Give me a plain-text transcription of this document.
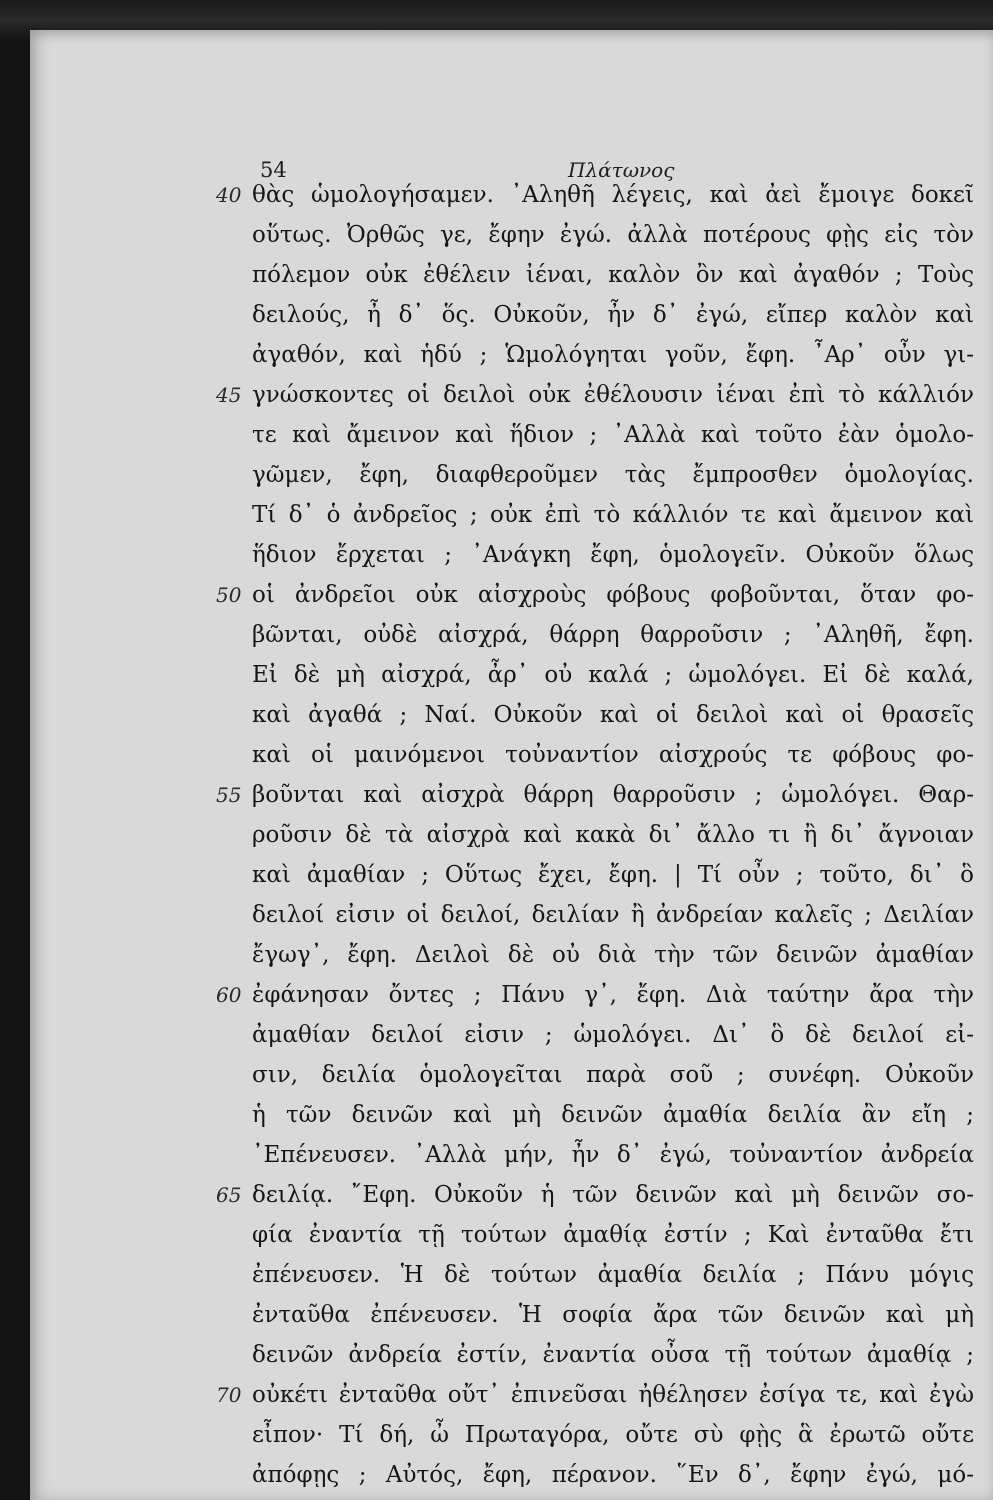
54	Πλάτωνος
40
45
50
55
60
65
70
θὰς ὡμολογήσαμεν. ᾿Αληθῆ λέγεις, καὶ ἀεὶ ἔμοιγε δοκεῖ
οὕτως. Ὀρθῶς γε, ἔφην ἐγώ. ἀλλὰ ποτέρους φῂς εἰς τὸν
πόλεμον οὐκ ἐθέλειν ἰέναι, καλὸν ὂν καὶ ἀγαθόν ; Τοὺς
δειλούς, ἦ δ᾿ ὅς. Οὐκοῦν, ἦν δ᾿ ἐγώ, εἴπερ καλὸν καὶ
ἀγαθόν, καὶ ἡδύ ; Ὡμολόγηται γοῦν, ἔφη. ῏Αρ᾿ οὖν γι-
γνώσκοντες οἱ δειλοὶ οὐκ ἐθέλουσιν ἰέναι ἐπὶ τὸ κάλλιόν
τε καὶ ἄμεινον καὶ ἥδιον ; ᾿Αλλὰ καὶ τοῦτο ἐὰν ὁμολο-
γῶμεν, ἔφη, διαφθεροῦμεν τὰς ἔμπροσθεν ὁμολογίας.
Τί δ᾿ ὁ ἀνδρεῖος ; οὐκ ἐπὶ τὸ κάλλιόν τε καὶ ἄμεινον καὶ
ἥδιον ἔρχεται ; ᾿Ανάγκη ἔφη, ὁμολογεῖν. Οὐκοῦν ὅλως
οἱ ἀνδρεῖοι οὐκ αἰσχροὺς φόβους φοβοῦνται, ὅταν φο-
βῶνται, οὐδὲ αἰσχρά, θάρρη θαρροῦσιν ; ᾿Αληθῆ, ἔφη.
Εἰ δὲ μὴ αἰσχρά, ἆρ᾿ οὐ καλά ; ὡμολόγει. Εἰ δὲ καλά,
καὶ ἀγαθά ; Ναί. Οὐκοῦν καὶ οἱ δειλοὶ καὶ οἱ θρασεῖς
καὶ οἱ μαινόμενοι τοὐναντίον αἰσχρούς τε φόβους φο-
βοῦνται καὶ αἰσχρὰ θάρρη θαρροῦσιν ; ὡμολόγει. Θαρ-
ροῦσιν δὲ τὰ αἰσχρὰ καὶ κακὰ δι᾿ ἄλλο τι ἢ δι᾿ ἄγνοιαν
καὶ ἀμαθίαν ; Οὕτως ἔχει, ἔφη. | Τί οὖν ; τοῦτο, δι᾿ ὃ
δειλοί εἰσιν οἱ δειλοί, δειλίαν ἢ ἀνδρείαν καλεῖς ; Δειλίαν
ἔγωγ᾿, ἔφη. Δειλοὶ δὲ οὐ διὰ τὴν τῶν δεινῶν ἀμαθίαν
ἐφάνησαν ὄντες ; Πάνυ γ᾿, ἔφη. Διὰ ταύτην ἄρα τὴν
ἀμαθίαν δειλοί εἰσιν ; ὡμολόγει. Δι᾿ ὃ δὲ δειλοί εἰ-
σιν, δειλία ὁμολογεῖται παρὰ σοῦ ; συνέφη. Οὐκοῦν
ἡ τῶν δεινῶν καὶ μὴ δεινῶν ἀμαθία δειλία ἂν εἴη ;
᾿Επένευσεν. ᾿Αλλὰ μήν, ἦν δ᾿ ἐγώ, τοὐναντίον ἀνδρεία
δειλίᾳ. ῎Εφη. Οὐκοῦν ἡ τῶν δεινῶν καὶ μὴ δεινῶν σο-
φία ἐναντία τῇ τούτων ἀμαθίᾳ ἐστίν ; Καὶ ἐνταῦθα ἔτι
ἐπένευσεν. Ἡ δὲ τούτων ἀμαθία δειλία ; Πάνυ μόγις
ἐνταῦθα ἐπένευσεν. Ἡ σοφία ἄρα τῶν δεινῶν καὶ μὴ
δεινῶν ἀνδρεία ἐστίν, ἐναντία οὖσα τῇ τούτων ἀμαθίᾳ ;
οὐκέτι ἐνταῦθα οὔτ᾿ ἐπινεῦσαι ἠθέλησεν ἐσίγα τε, καὶ ἐγὼ
εἶπον· Τί δή, ὦ Πρωταγόρα, οὔτε σὺ φῂς ἃ ἐρωτῶ οὔτε
ἀπόφῃς ; Αὐτός, ἔφη, πέρανον. ῞Εν δ᾿, ἔφην ἐγώ, μό-
